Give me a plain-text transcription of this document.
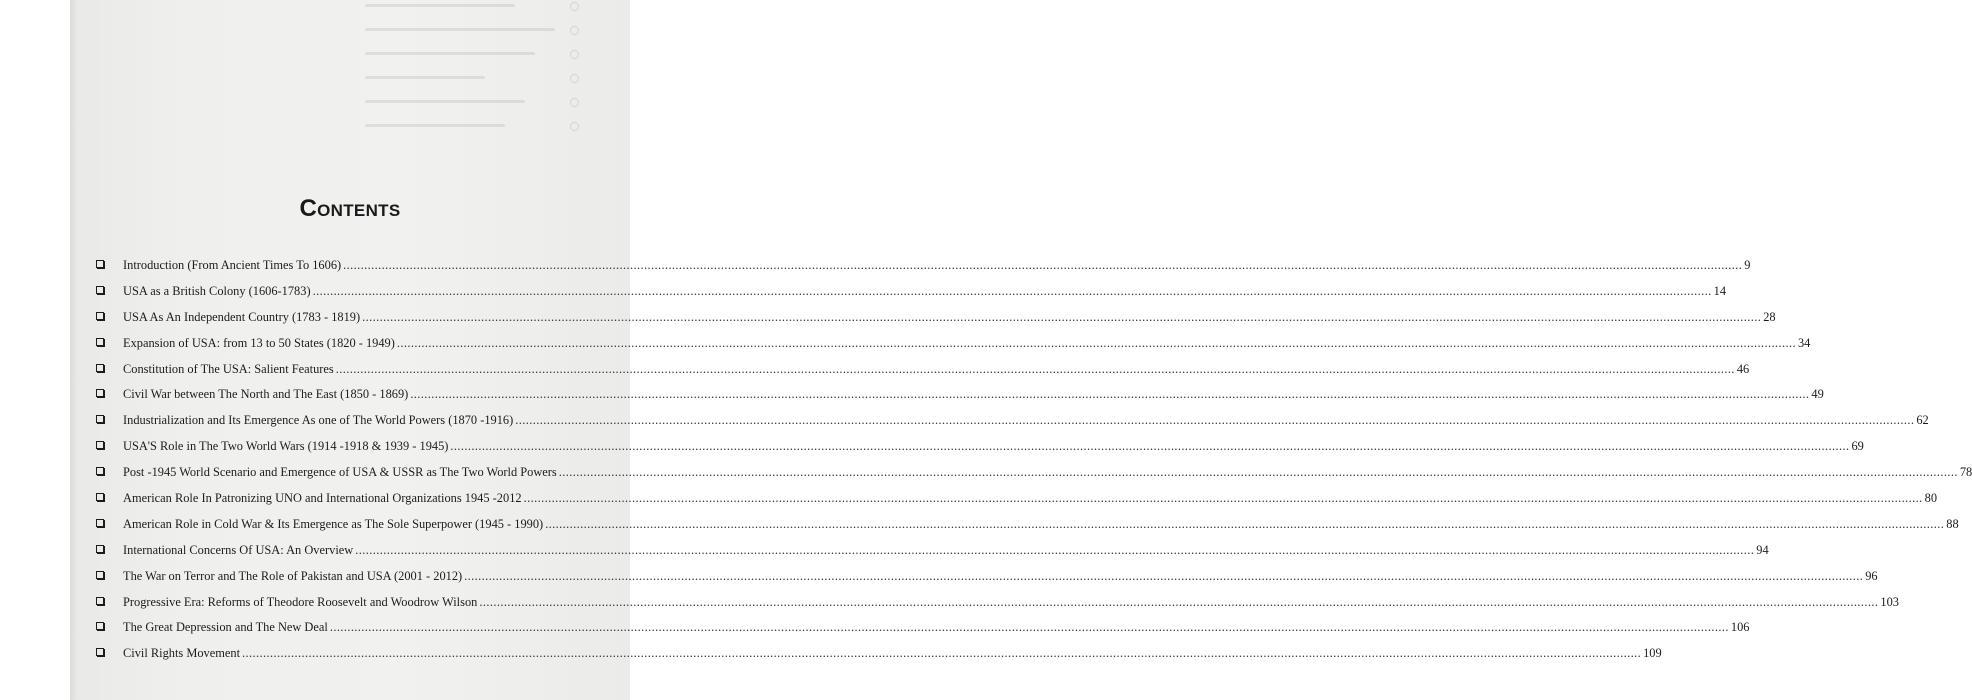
Contents
Introduction (From Ancient Times To 1606) ................................................................................................................................................................................................................................................................................................................................................................................................................ 9
USA as a British Colony (1606-1783) ................................................................................................................................................................................................................................................................................................................................................................................................................ 14
USA As An Independent Country (1783 - 1819) ................................................................................................................................................................................................................................................................................................................................................................................................................ 28
Expansion of USA: from 13 to 50 States (1820 - 1949) ................................................................................................................................................................................................................................................................................................................................................................................................................ 34
Constitution of The USA: Salient Features ................................................................................................................................................................................................................................................................................................................................................................................................................ 46
Civil War between The North and The East (1850 - 1869) ................................................................................................................................................................................................................................................................................................................................................................................................................ 49
Industrialization and Its Emergence As one of The World Powers (1870 -1916) ................................................................................................................................................................................................................................................................................................................................................................................................................ 62
USA'S Role in The Two World Wars (1914 -1918 & 1939 - 1945) ................................................................................................................................................................................................................................................................................................................................................................................................................ 69
Post -1945 World Scenario and Emergence of USA & USSR as The Two World Powers ................................................................................................................................................................................................................................................................................................................................................................................................................ 78
American Role In Patronizing UNO and International Organizations 1945 -2012 ................................................................................................................................................................................................................................................................................................................................................................................................................ 80
American Role in Cold War & Its Emergence as The Sole Superpower (1945 - 1990) ................................................................................................................................................................................................................................................................................................................................................................................................................ 88
International Concerns Of USA: An Overview ................................................................................................................................................................................................................................................................................................................................................................................................................ 94
The War on Terror and The Role of Pakistan and USA (2001 - 2012) ................................................................................................................................................................................................................................................................................................................................................................................................................ 96
Progressive Era: Reforms of Theodore Roosevelt and Woodrow Wilson ................................................................................................................................................................................................................................................................................................................................................................................................................ 103
The Great Depression and The New Deal ................................................................................................................................................................................................................................................................................................................................................................................................................ 106
Civil Rights Movement ................................................................................................................................................................................................................................................................................................................................................................................................................ 109
